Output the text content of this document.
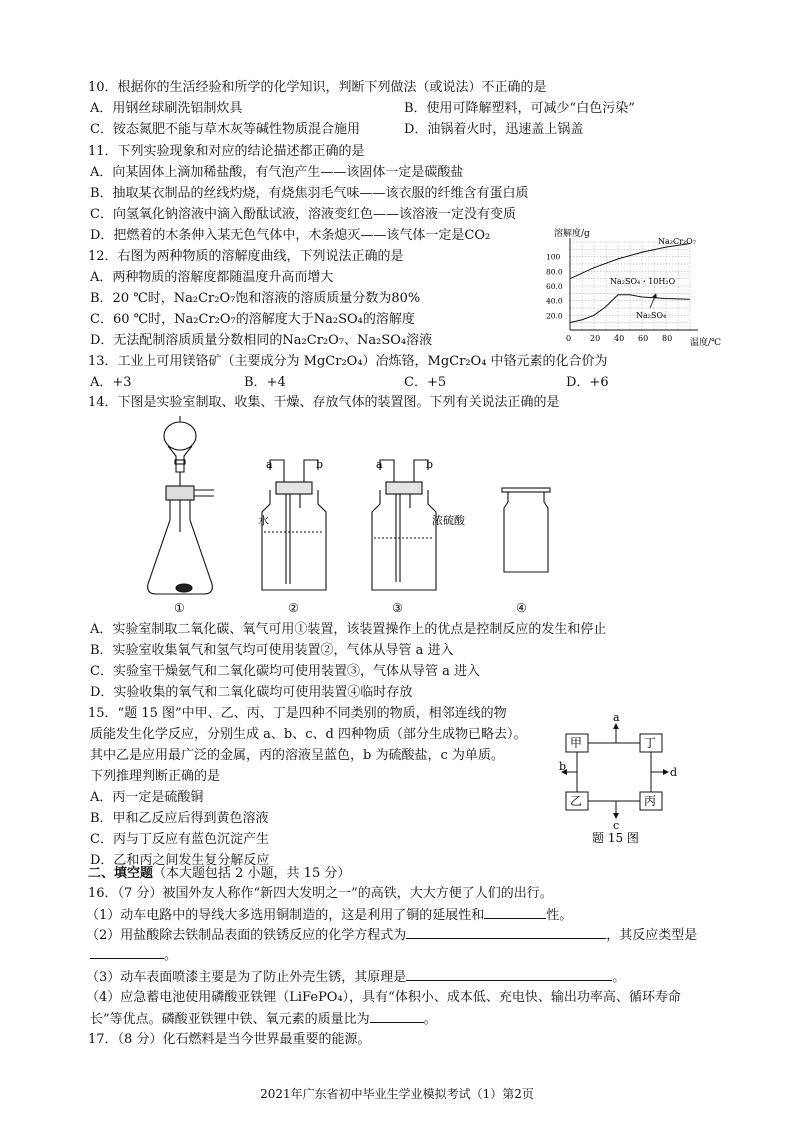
10．根据你的生活经验和所学的化学知识，判断下列做法（或说法）不正确的是
A．用钢丝球刷洗铝制炊具	B．使用可降解塑料，可减少“白色污染”
C．铵态氮肥不能与草木灰等碱性物质混合施用	D．油锅着火时，迅速盖上锅盖
11．下列实验现象和对应的结论描述都正确的是
A．向某固体上滴加稀盐酸，有气泡产生——该固体一定是碳酸盐
B．抽取某衣制品的丝线灼烧，有烧焦羽毛气味——该衣服的纤维含有蛋白质
C．向氢氧化钠溶液中滴入酚酞试液，溶液变红色——该溶液一定没有变质
D．把燃着的木条伸入某无色气体中，木条熄灭——该气体一定是CO₂
12．右图为两种物质的溶解度曲线，下列说法正确的是
A．两种物质的溶解度都随温度升高而增大
B．20 ℃时，Na₂Cr₂O₇饱和溶液的溶质质量分数为80%
C．60 ℃时，Na₂Cr₂O₇的溶解度大于Na₂SO₄的溶解度
D．无法配制溶质质量分数相同的Na₂Cr₂O₇、Na₂SO₄溶液	0 20 40 60 80
20.0
40.0
60.0
80.0
100
溶解度/g
温度/℃
Na₂Cr₂O₇
Na₂SO₄・10H₂O
Na₂SO₄
13．工业上可用镁铬矿（主要成分为 MgCr₂O₄）冶炼铬，MgCr₂O₄ 中铬元素的化合价为
A．+3	B．+4	C．+5	D．+6
14．下图是实验室制取、收集、干燥、存放气体的装置图。下列有关说法正确的是
①
a	b
水
②
a	b
浓硫酸
③	④
A．实验室制取二氧化碳、氧气可用①装置，该装置操作上的优点是控制反应的发生和停止
B．实验室收集氧气和氢气均可使用装置②，气体从导管 a 进入
C．实验室干燥氨气和二氧化碳均可使用装置③，气体从导管 a 进入
D．实验收集的氧气和二氧化碳均可使用装置④临时存放
15．“题 15 图”中甲、乙、丙、丁是四种不同类别的物质，相邻连线的物
质能发生化学反应，分别生成 a、b、c、d 四种物质（部分生成物已略去）。
其中乙是应用最广泛的金属，丙的溶液呈蓝色，b 为硫酸盐，c 为单质。
下列推理判断正确的是
A．丙一定是硫酸铜
B．甲和乙反应后得到黄色溶液
C．丙与丁反应有蓝色沉淀产生
D．乙和丙之间发生复分解反应
甲	丁
乙	丙
a
c
b	d
题 15 图
二、填空题（本大题包括 2 小题，共 15 分）
16．（7 分）被国外友人称作“新四大发明之一”的高铁，大大方便了人们的出行。
（1）动车电路中的导线大多选用铜制造的，这是利用了铜的延展性和	性。
（2）用盐酸除去铁制品表面的铁锈反应的化学方程式为	，其反应类型是
。
（3）动车表面喷漆主要是为了防止外壳生锈，其原理是	。
（4）应急蓄电池使用磷酸亚铁锂（LiFePO₄），具有“体积小、成本低、充电快、输出功率高、循环寿命
长”等优点。磷酸亚铁锂中铁、氧元素的质量比为	。
17．（8 分）化石燃料是当今世界最重要的能源。
2021年广东省初中毕业生学业模拟考试（1）第2页
